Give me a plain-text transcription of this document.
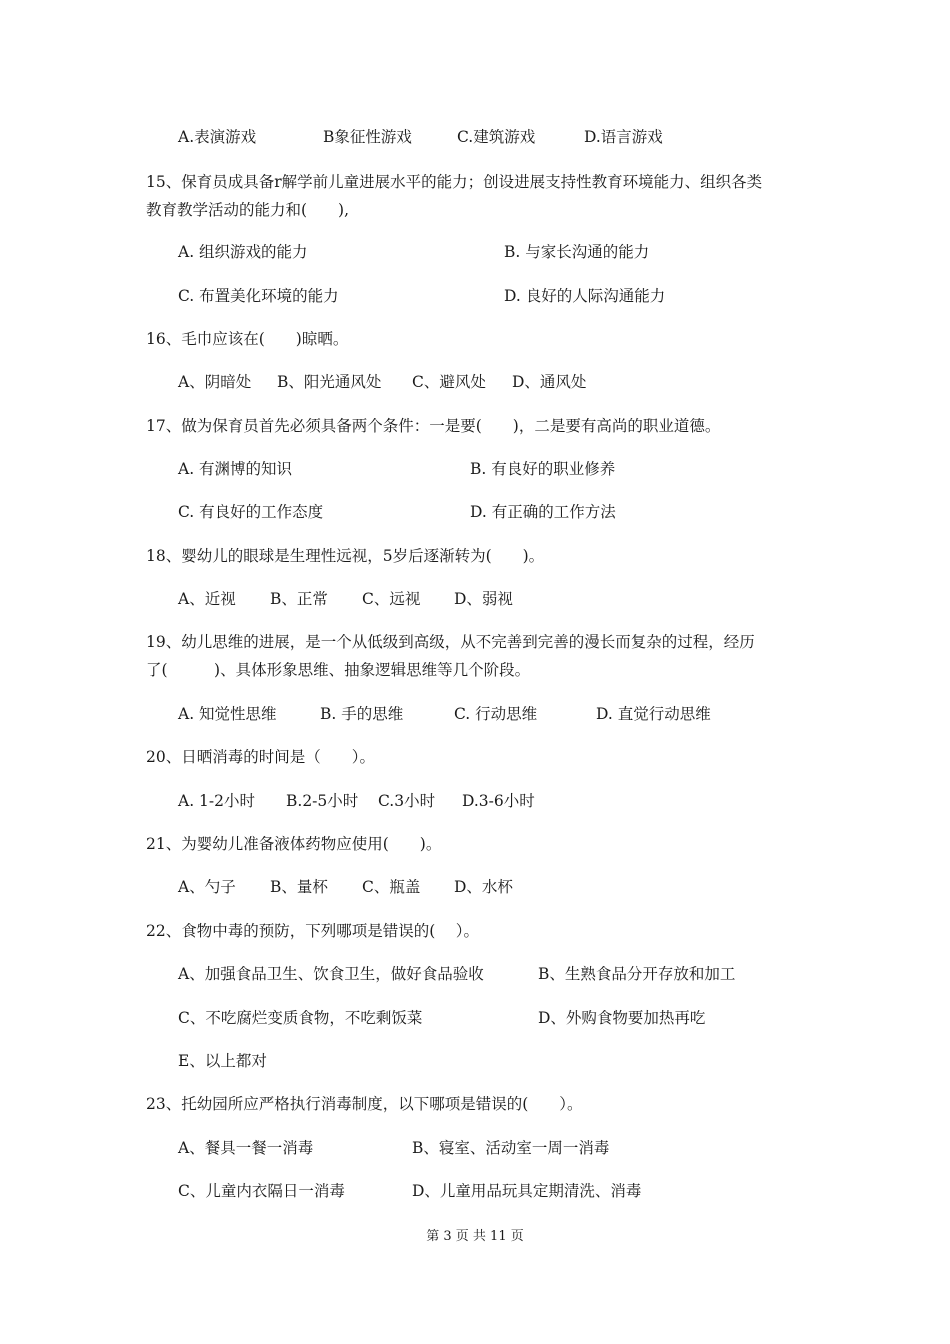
A.表演游戏	B象征性游戏	C.建筑游戏	D.语言游戏
15、保育员成具备r解学前儿童进展水平的能力；创设进展支持性教育环境能力、组织各类
教育教学活动的能力和(　　),
A. 组织游戏的能力	B. 与家长沟通的能力
C. 布置美化环境的能力	D. 良好的人际沟通能力
16、毛巾应该在(　　)晾晒。
A、阴暗处 B、阳光通风处 C、避风处 D、通风处
17、做为保育员首先必须具备两个条件：一是要(　　)，二是要有高尚的职业道德。
A. 有渊博的知识	B. 有良好的职业修养
C. 有良好的工作态度	D. 有正确的工作方法
18、婴幼儿的眼球是生理性远视，5岁后逐渐转为(　　)。
A、近视 B、正常 C、远视 D、弱视
19、幼儿思维的进展，是一个从低级到高级，从不完善到完善的漫长而复杂的过程，经历
了(　　　)、具体形象思维、抽象逻辑思维等几个阶段。
A. 知觉性思维	B. 手的思维	C. 行动思维	D. 直觉行动思维
20、日晒消毒的时间是（　　）。
A. 1-2小时 B.2-5小时 C.3小时 D.3-6小时
21、为婴幼儿准备液体药物应使用(　　)。
A、勺子 B、量杯 C、瓶盖 D、水杯
22、食物中毒的预防，下列哪项是错误的(　 ）。
A、加强食品卫生、饮食卫生，做好食品验收	B、生熟食品分开存放和加工
C、不吃腐烂变质食物，不吃剩饭菜	D、外购食物要加热再吃
E、以上都对
23、托幼园所应严格执行消毒制度，以下哪项是错误的(　　）。
A、餐具一餐一消毒	B、寝室、活动室一周一消毒
C、儿童内衣隔日一消毒	D、儿童用品玩具定期清洗、消毒
第 3 页 共 11 页
